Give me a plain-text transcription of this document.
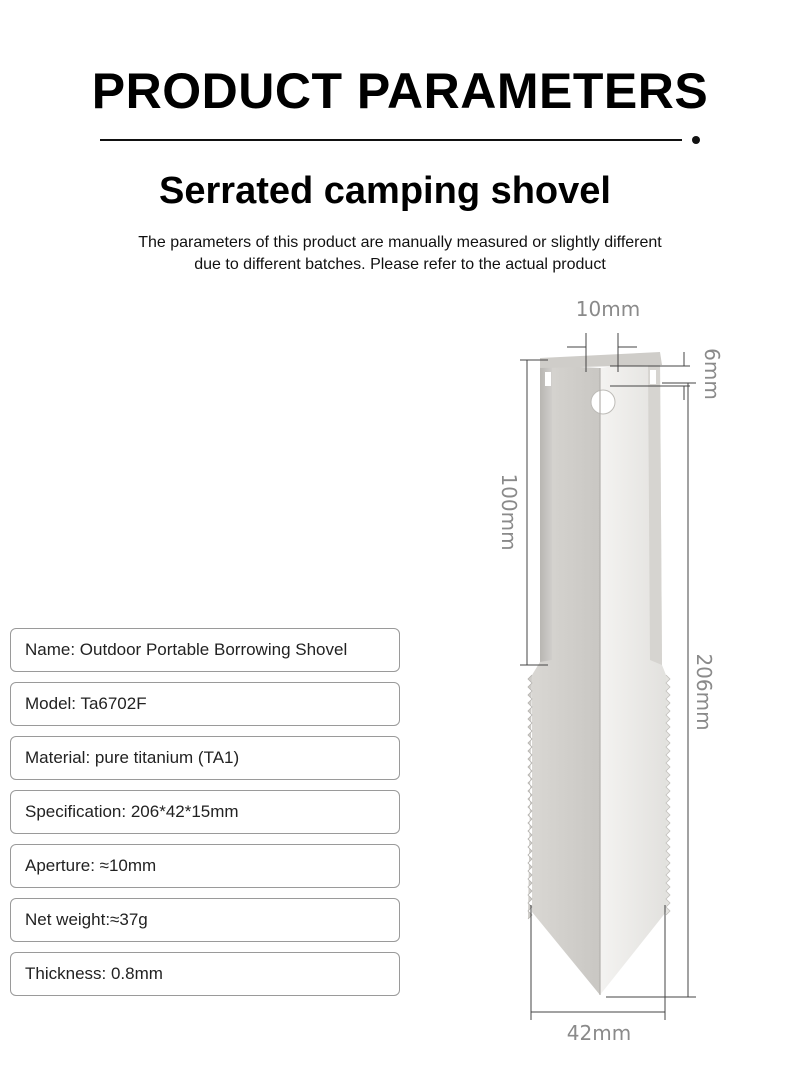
PRODUCT PARAMETERS
Serrated camping shovel
The parameters of this product are manually measured or slightly different
due to different batches. Please refer to the actual product
Name: Outdoor Portable Borrowing Shovel
Model: Ta6702F
Material: pure titanium (TA1)
Specification: 206*42*15mm
Aperture: ≈10mm
Net weight:≈37g
Thickness: 0.8mm
10mm
6mm
100mm
206mm
42mm
